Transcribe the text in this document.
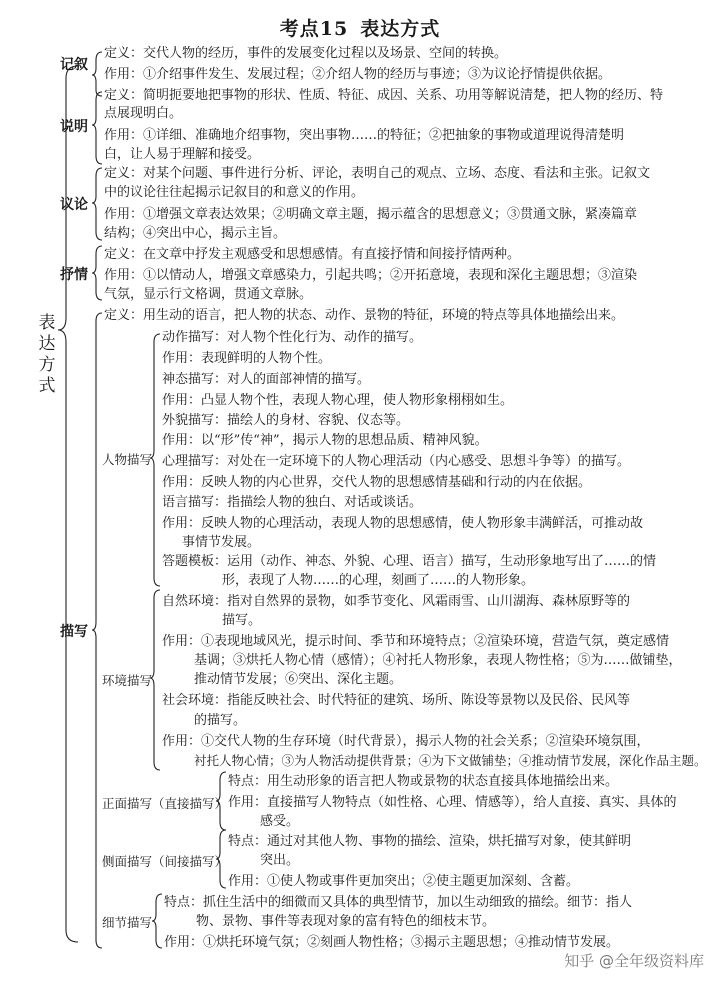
考点15 表达方式
表达方式
记叙
定义：交代人物的经历，事件的发展变化过程以及场景、空间的转换。
作用：①介绍事件发生、发展过程；②介绍人物的经历与事迹；③为议论抒情提供依据。
说明
定义：简明扼要地把事物的形状、性质、特征、成因、关系、功用等解说清楚，把人物的经历、特
点展现明白。
作用：①详细、准确地介绍事物，突出事物……的特征；②把抽象的事物或道理说得清楚明
白，让人易于理解和接受。
议论
定义：对某个问题、事件进行分析、评论，表明自己的观点、立场、态度、看法和主张。记叙文
中的议论往往起揭示记叙目的和意义的作用。
作用：①增强文章表达效果；②明确文章主题，揭示蕴含的思想意义；③贯通文脉，紧凑篇章
结构；④突出中心，揭示主旨。
抒情
定义：在文章中抒发主观感受和思想感情。有直接抒情和间接抒情两种。
作用：①以情动人，增强文章感染力，引起共鸣；②开拓意境，表现和深化主题思想；③渲染
气氛，显示行文格调，贯通文章脉。
描写
定义：用生动的语言，把人物的状态、动作、景物的特征，环境的特点等具体地描绘出来。
人物描写
动作描写：对人物个性化行为、动作的描写。
作用：表现鲜明的人物个性。
神态描写：对人的面部神情的描写。
作用：凸显人物个性，表现人物心理，使人物形象栩栩如生。
外貌描写：描绘人的身材、容貌、仪态等。
作用：以“形”传“神”，揭示人物的思想品质、精神风貌。
心理描写：对处在一定环境下的人物心理活动（内心感受、思想斗争等）的描写。
作用：反映人物的内心世界，交代人物的思想感情基础和行动的内在依据。
语言描写：指描绘人物的独白、对话或谈话。
作用：反映人物的心理活动，表现人物的思想感情，使人物形象丰满鲜活，可推动故
事情节发展。
答题模板：运用（动作、神态、外貌、心理、语言）描写，生动形象地写出了……的情
形，表现了人物……的心理，刻画了……的人物形象。
环境描写
自然环境：指对自然界的景物，如季节变化、风霜雨雪、山川湖海、森林原野等的
描写。
作用：①表现地域风光，提示时间、季节和环境特点；②渲染环境，营造气氛，奠定感情
基调；③烘托人物心情（感情）；④衬托人物形象，表现人物性格；⑤为……做铺垫，
推动情节发展；⑥突出、深化主题。
社会环境：指能反映社会、时代特征的建筑、场所、陈设等景物以及民俗、民风等
的描写。
作用：①交代人物的生存环境（时代背景），揭示人物的社会关系；②渲染环境氛围，
衬托人物心情；③为人物活动提供背景；④为下文做铺垫；④推动情节发展，深化作品主题。
正面描写（直接描写）
特点：用生动形象的语言把人物或景物的状态直接具体地描绘出来。
作用：直接描写人物特点（如性格、心理、情感等），给人直接、真实、具体的
感受。
侧面描写（间接描写）
特点：通过对其他人物、事物的描绘、渲染，烘托描写对象，使其鲜明
突出。
作用：①使人物或事件更加突出；②使主题更加深刻、含蓄。
细节描写
特点：抓住生活中的细微而又具体的典型情节，加以生动细致的描绘。细节：指人
物、景物、事件等表现对象的富有特色的细枝末节。
作用：①烘托环境气氛；②刻画人物性格；③揭示主题思想；④推动情节发展。
知乎 @全年级资料库
